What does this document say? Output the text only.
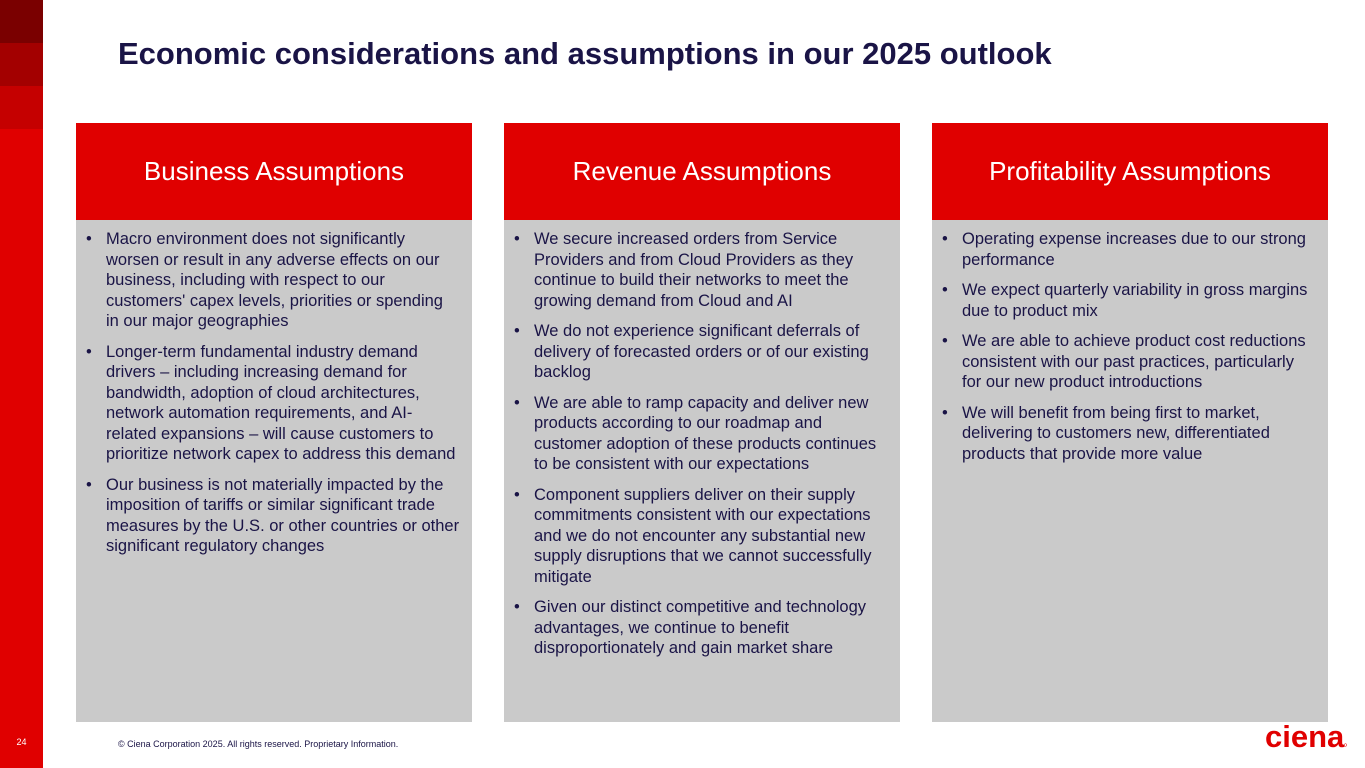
24
Economic considerations and assumptions in our 2025 outlook
Business Assumptions
• Macro environment does not significantly worsen or result in any adverse effects on our business, including with respect to our customers' capex levels, priorities or spending in our major geographies
• Longer-term fundamental industry demand drivers – including increasing demand for bandwidth, adoption of cloud architectures, network automation requirements, and AI-related expansions – will cause customers to prioritize network capex to address this demand
• Our business is not materially impacted by the imposition of tariffs or similar significant trade measures by the U.S. or other countries or other significant regulatory changes
Revenue Assumptions
• We secure increased orders from Service Providers and from Cloud Providers as they continue to build their networks to meet the growing demand from Cloud and AI
• We do not experience significant deferrals of delivery of forecasted orders or of our existing backlog
• We are able to ramp capacity and deliver new products according to our roadmap and customer adoption of these products continues to be consistent with our expectations
• Component suppliers deliver on their supply commitments consistent with our expectations and we do not encounter any substantial new supply disruptions that we cannot successfully mitigate
• Given our distinct competitive and technology advantages, we continue to benefit disproportionately and gain market share
Profitability Assumptions
• Operating expense increases due to our strong performance
• We expect quarterly variability in gross margins due to product mix
• We are able to achieve product cost reductions consistent with our past practices, particularly for our new product introductions
• We will benefit from being first to market, delivering to customers new, differentiated products that provide more value
© Ciena Corporation 2025. All rights reserved. Proprietary Information.	ciena
